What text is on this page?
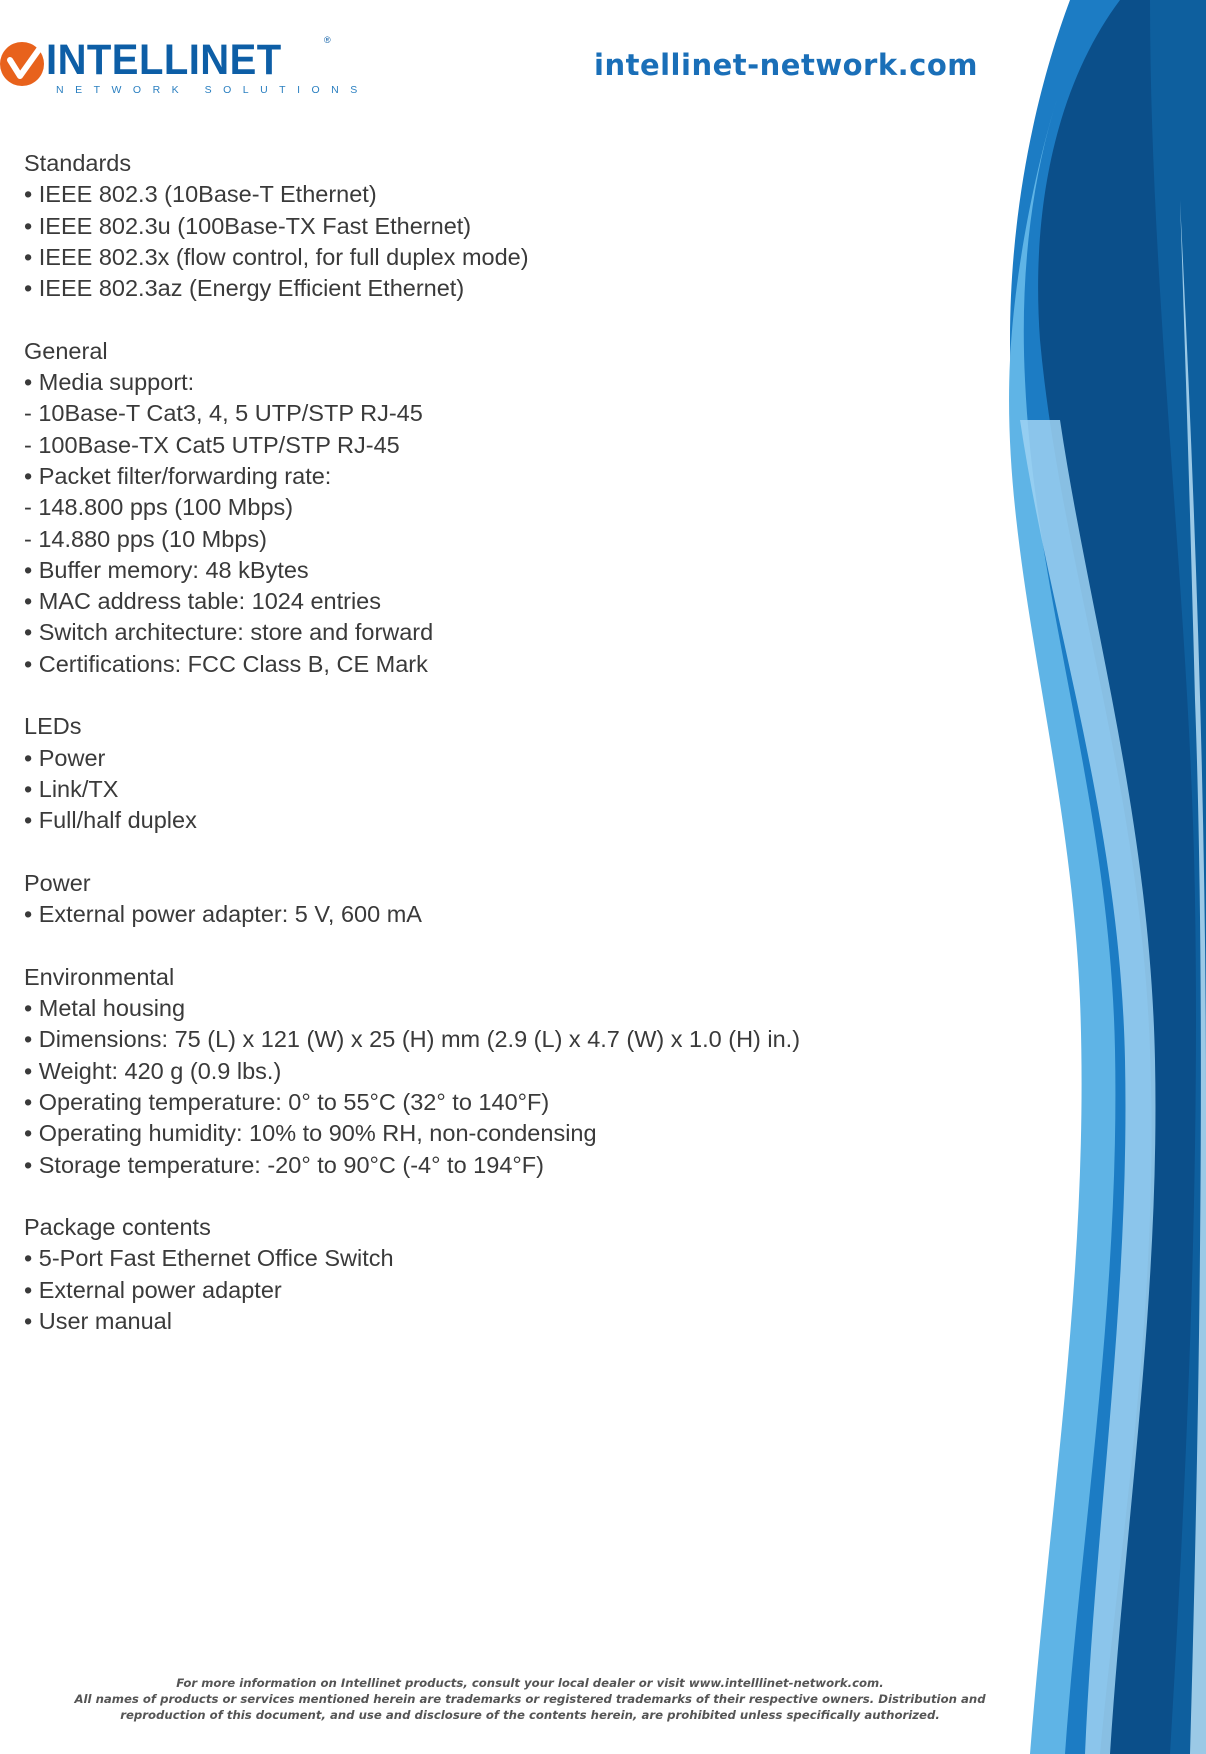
INTELLINET	®
NETWORK SOLUTIONS
intellinet-network.com
Standards
• IEEE 802.3 (10Base-T Ethernet)
• IEEE 802.3u (100Base-TX Fast Ethernet)
• IEEE 802.3x (flow control, for full duplex mode)
• IEEE 802.3az (Energy Efficient Ethernet)
General
• Media support:
- 10Base-T Cat3, 4, 5 UTP/STP RJ-45
- 100Base-TX Cat5 UTP/STP RJ-45
• Packet filter/forwarding rate:
- 148.800 pps (100 Mbps)
- 14.880 pps (10 Mbps)
• Buffer memory: 48 kBytes
• MAC address table: 1024 entries
• Switch architecture: store and forward
• Certifications: FCC Class B, CE Mark
LEDs
• Power
• Link/TX
• Full/half duplex
Power
• External power adapter: 5 V, 600 mA
Environmental
• Metal housing
• Dimensions: 75 (L) x 121 (W) x 25 (H) mm (2.9 (L) x 4.7 (W) x 1.0 (H) in.)
• Weight: 420 g (0.9 lbs.)
• Operating temperature: 0° to 55°C (32° to 140°F)
• Operating humidity: 10% to 90% RH, non-condensing
• Storage temperature: -20° to 90°C (-4° to 194°F)
Package contents
• 5-Port Fast Ethernet Office Switch
• External power adapter
• User manual
For more information on Intellinet products, consult your local dealer or visit www.intelllinet-network.com.
All names of products or services mentioned herein are trademarks or registered trademarks of their respective owners. Distribution and
reproduction of this document, and use and disclosure of the contents herein, are prohibited unless specifically authorized.
